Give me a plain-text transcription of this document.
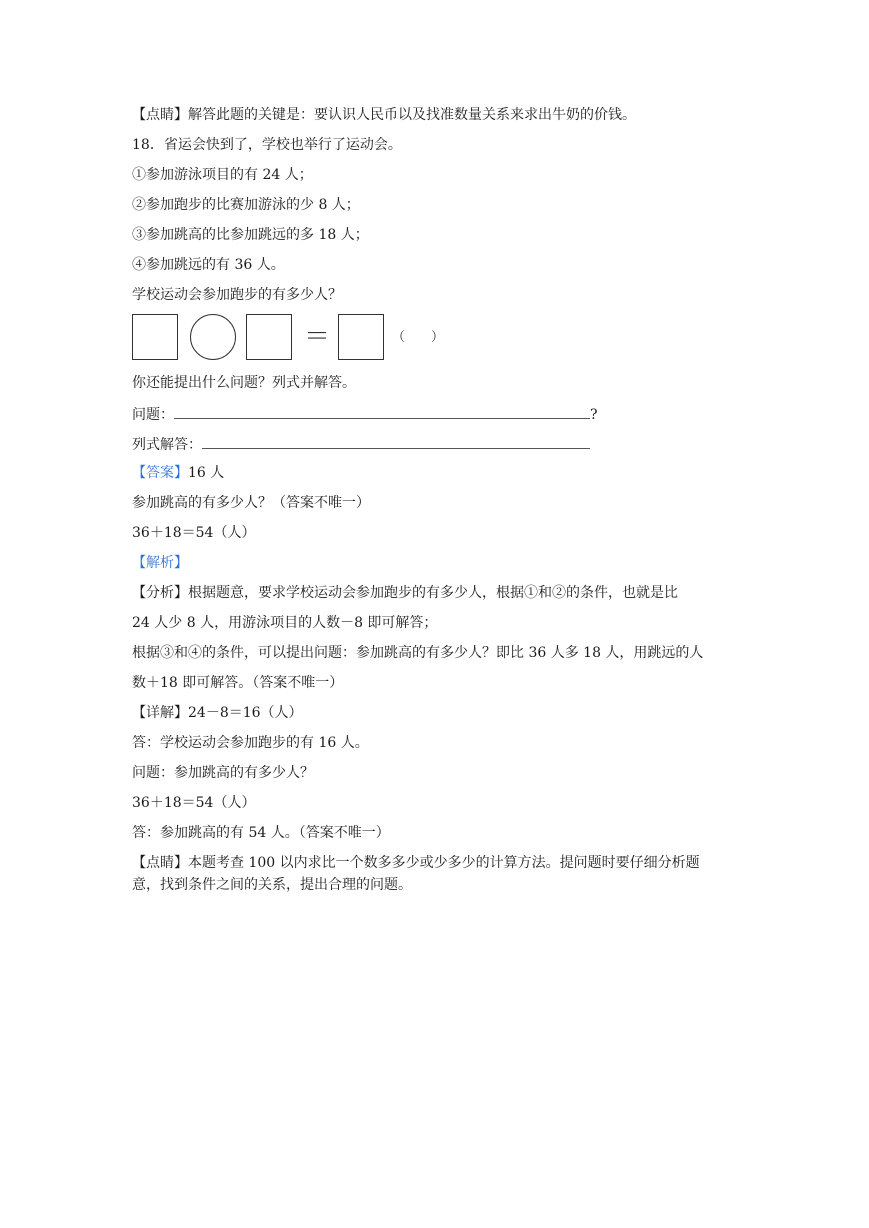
【点睛】解答此题的关键是：要认识人民币以及找准数量关系来求出牛奶的价钱。
18．省运会快到了，学校也举行了运动会。
①参加游泳项目的有 24 人；
②参加跑步的比赛加游泳的少 8 人；
③参加跳高的比参加跳远的多 18 人；
④参加跳远的有 36 人。
学校运动会参加跑步的有多少人？
＝	（　　）
你还能提出什么问题？列式并解答。
问题：	?
列式解答：
【答案】16 人
参加跳高的有多少人？（答案不唯一）
36＋18＝54（人）
【解析】
【分析】根据题意，要求学校运动会参加跑步的有多少人，根据①和②的条件，也就是比
24 人少 8 人，用游泳项目的人数－8 即可解答；
根据③和④的条件，可以提出问题：参加跳高的有多少人？即比 36 人多 18 人，用跳远的人
数＋18 即可解答。（答案不唯一）
【详解】24－8＝16（人）
答：学校运动会参加跑步的有 16 人。
问题：参加跳高的有多少人？
36＋18＝54（人）
答：参加跳高的有 54 人。（答案不唯一）
【点睛】本题考查 100 以内求比一个数多多少或少多少的计算方法。提问题时要仔细分析题
意，找到条件之间的关系，提出合理的问题。
